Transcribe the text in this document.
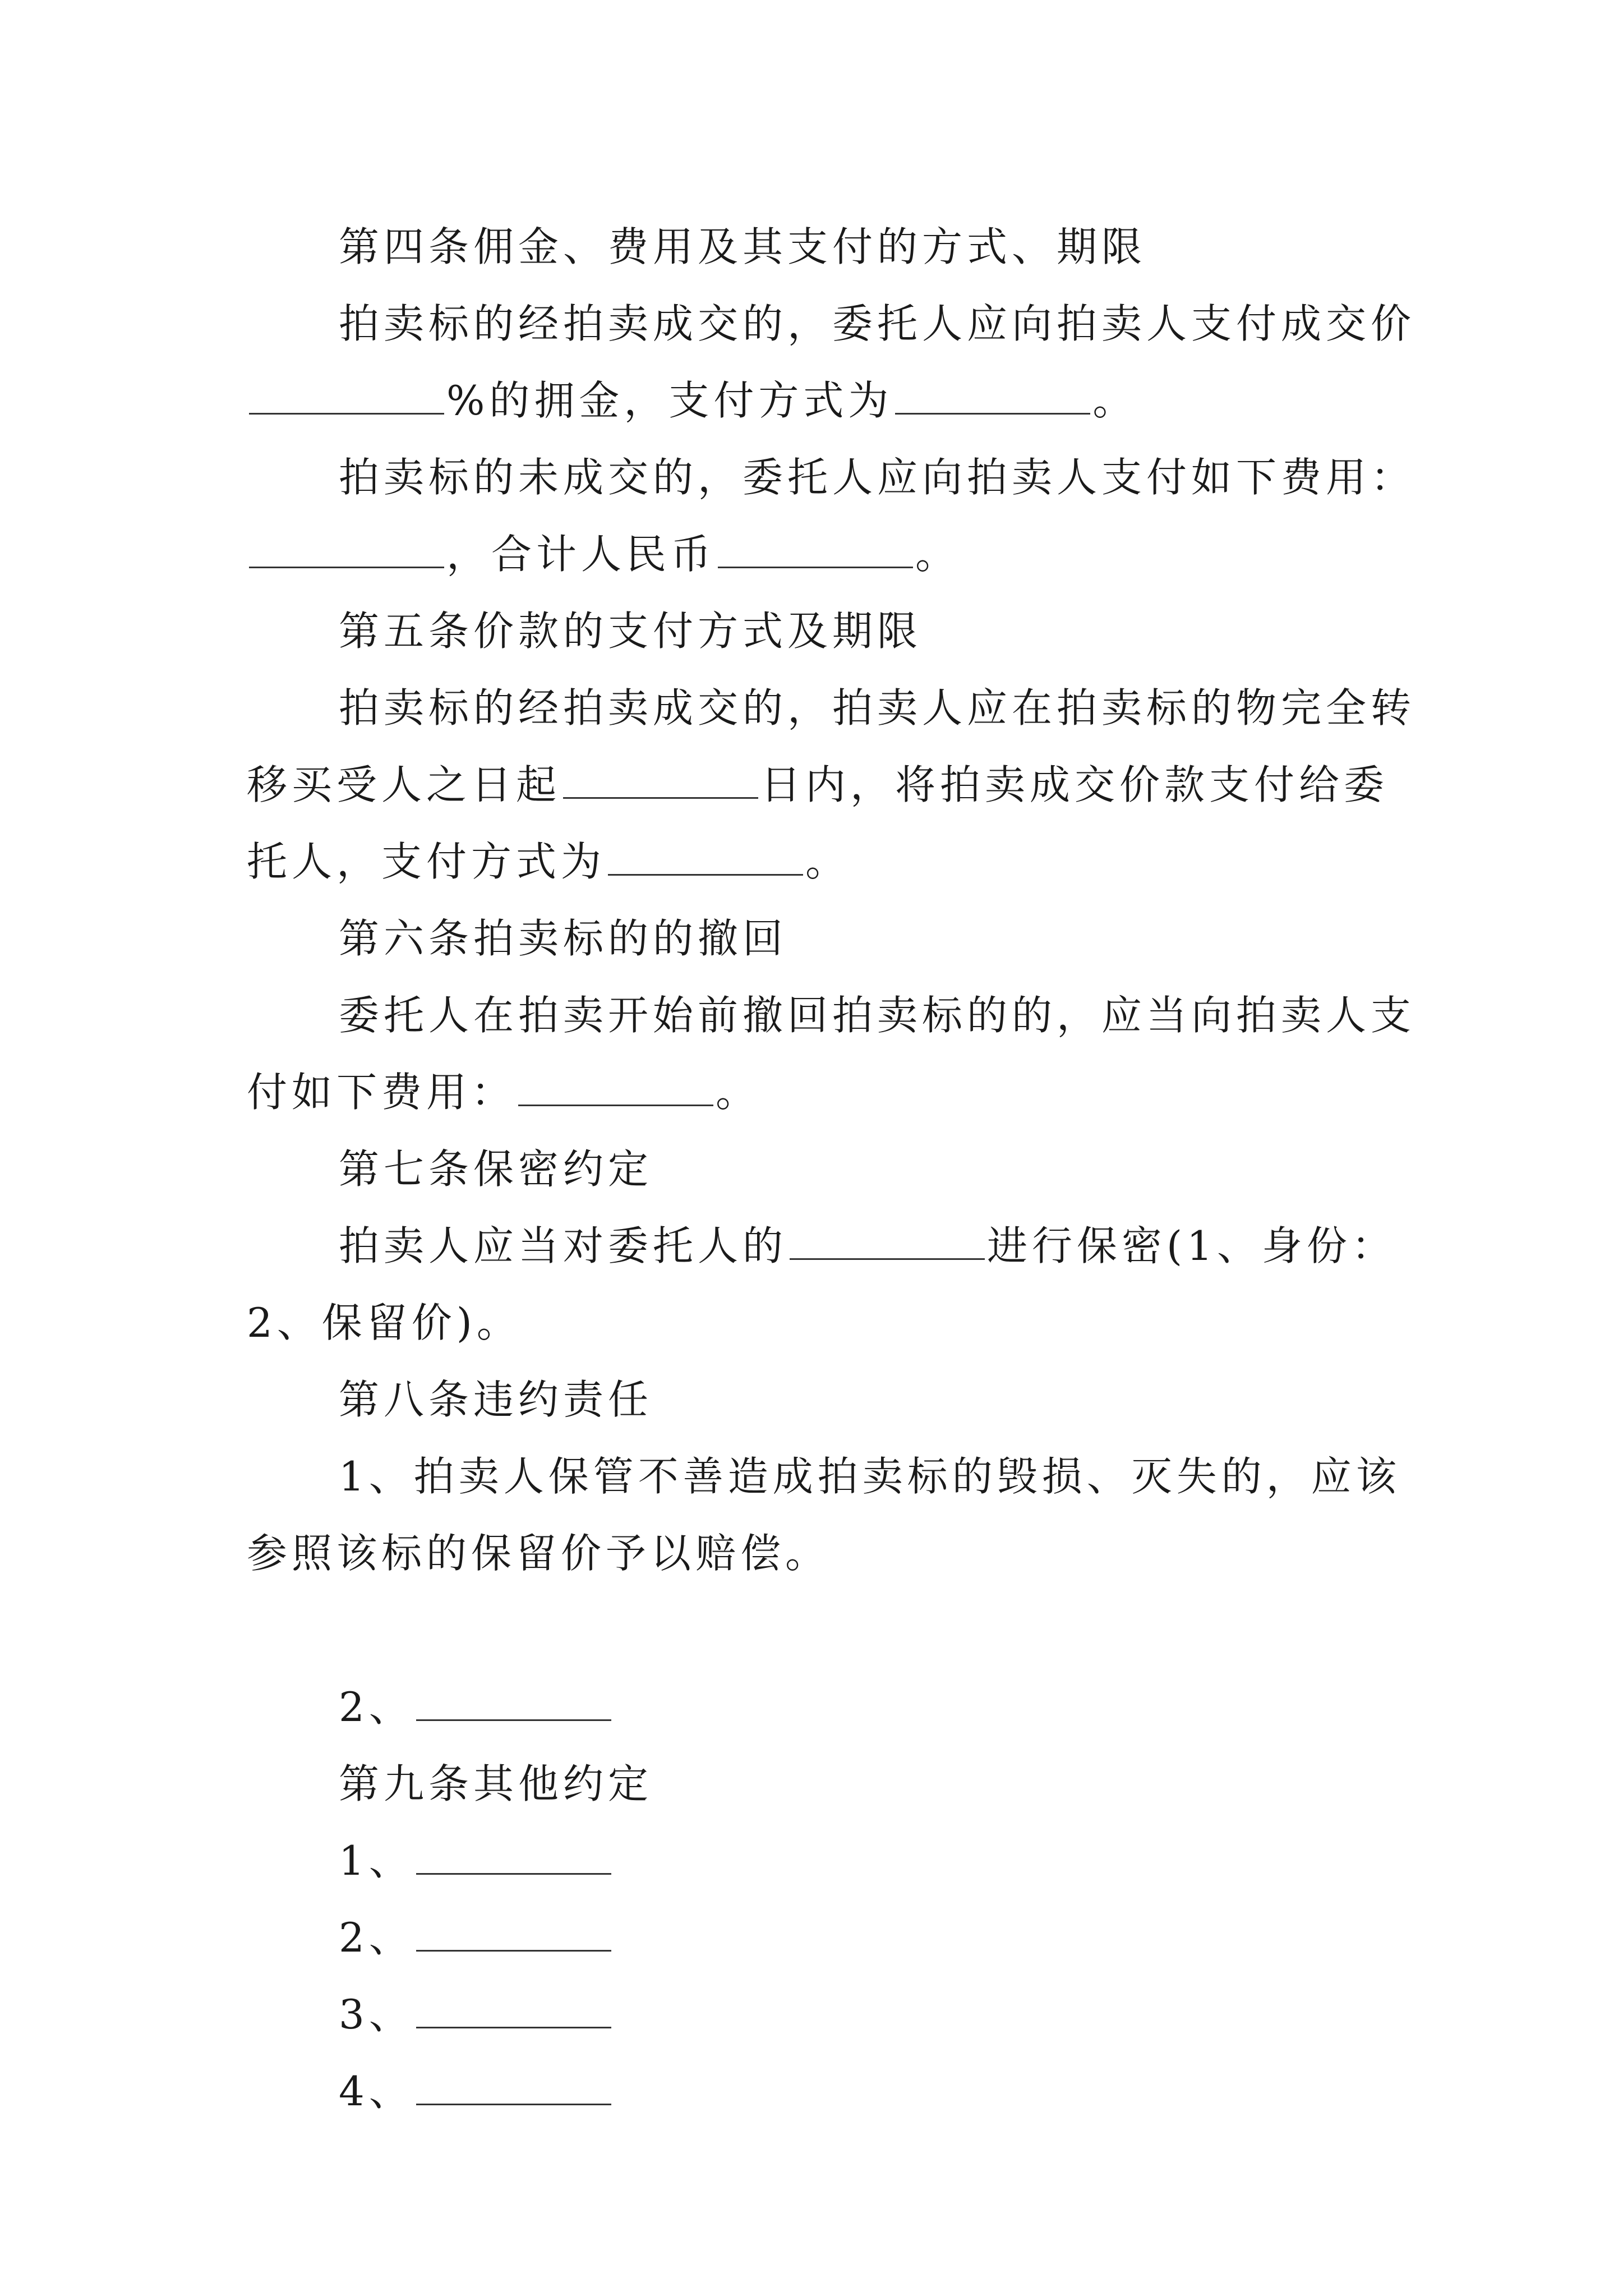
第四条佣金、费用及其支付的方式、期限
拍卖标的经拍卖成交的，委托人应向拍卖人支付成交价
%的拥金，支付方式为	。
拍卖标的未成交的，委托人应向拍卖人支付如下费用：
，合计人民币	。
第五条价款的支付方式及期限
拍卖标的经拍卖成交的，拍卖人应在拍卖标的物完全转
移买受人之日起	日内，将拍卖成交价款支付给委
托人，支付方式为	。
第六条拍卖标的的撤回
委托人在拍卖开始前撤回拍卖标的的，应当向拍卖人支
付如下费用：	。
第七条保密约定
拍卖人应当对委托人的	进行保密(1、身份：
2、保留价)。
第八条违约责任
1、拍卖人保管不善造成拍卖标的毁损、灭失的，应该
参照该标的保留价予以赔偿。
2、
第九条其他约定
1、
2、
3、
4、
